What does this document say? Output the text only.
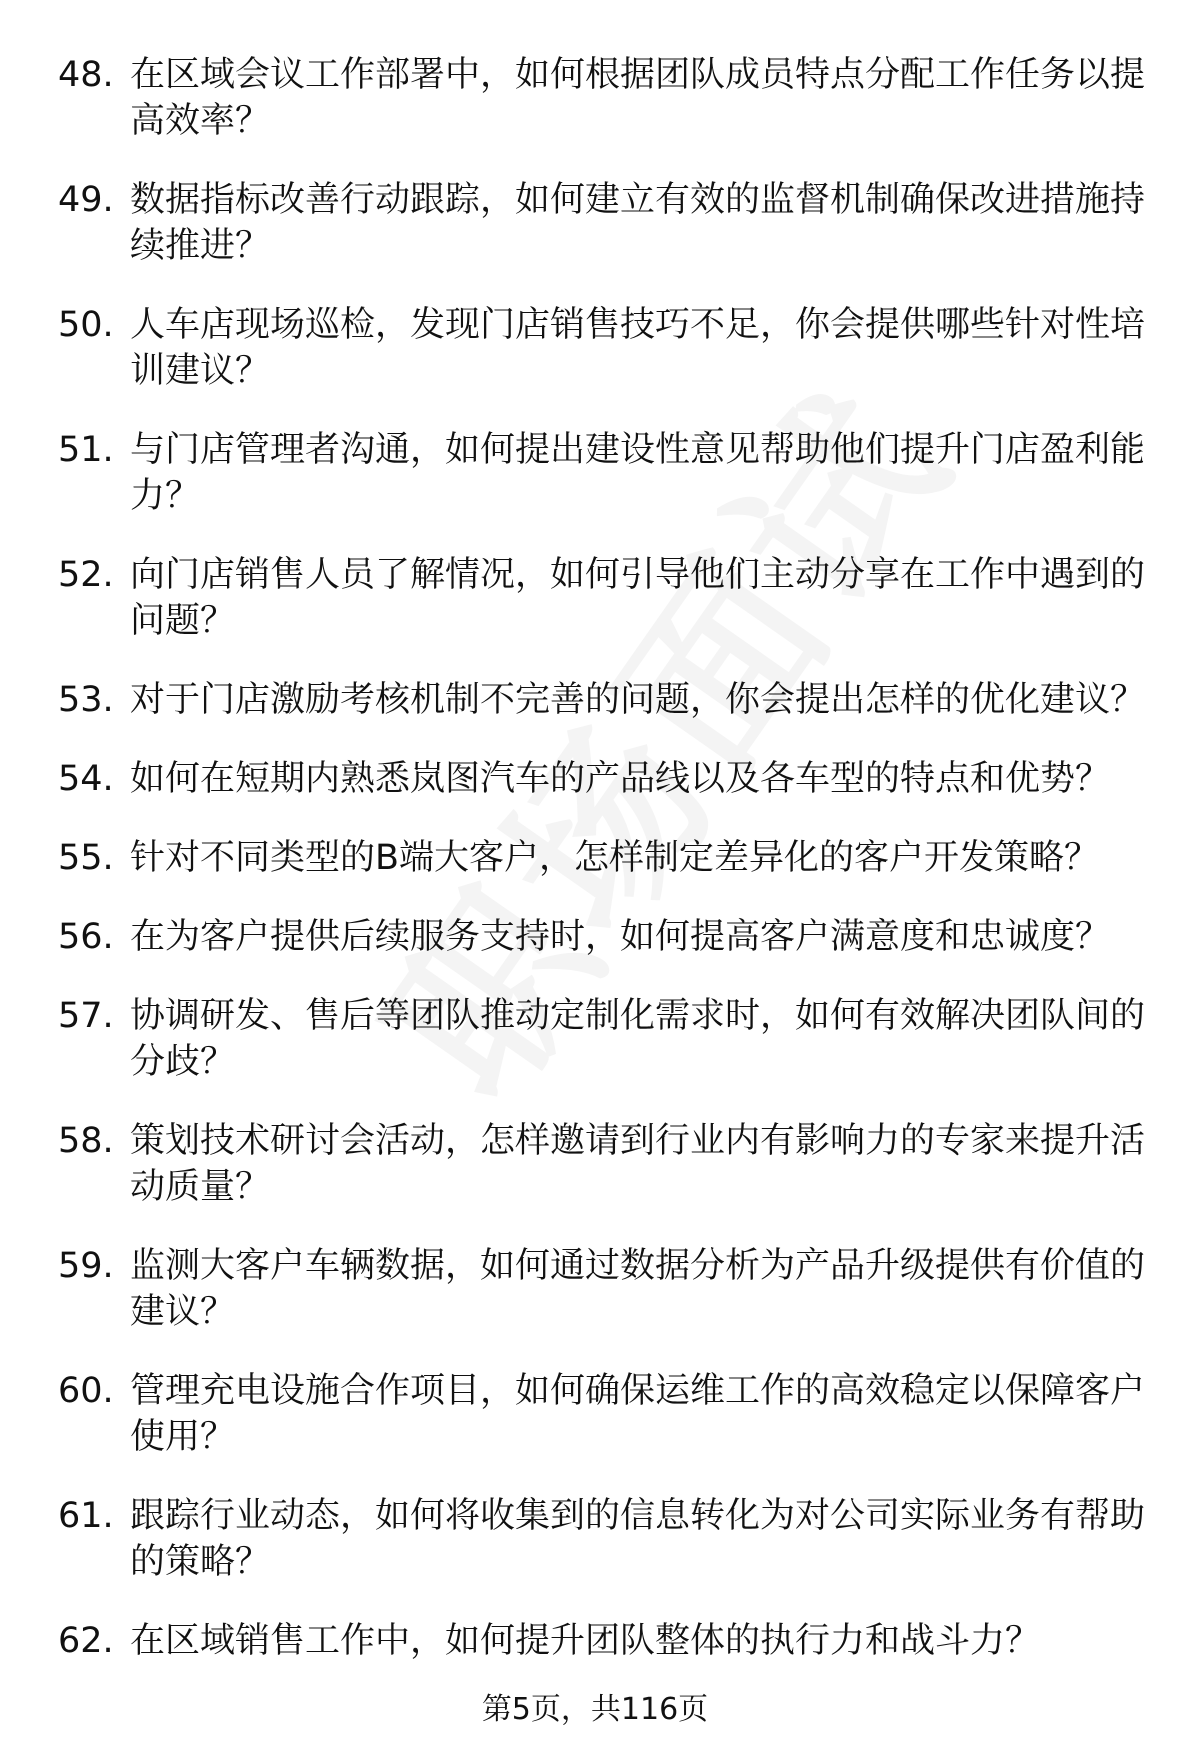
48. 在区域会议工作部署中，如何根据团队成员特点分配工作任务以提高效率？
49. 数据指标改善行动跟踪，如何建立有效的监督机制确保改进措施持续推进？
50. 人车店现场巡检，发现门店销售技巧不足，你会提供哪些针对性培训建议？
51. 与门店管理者沟通，如何提出建设性意见帮助他们提升门店盈利能力？
52. 向门店销售人员了解情况，如何引导他们主动分享在工作中遇到的问题？
53. 对于门店激励考核机制不完善的问题，你会提出怎样的优化建议？
54. 如何在短期内熟悉岚图汽车的产品线以及各车型的特点和优势？
55. 针对不同类型的B端大客户，怎样制定差异化的客户开发策略？
56. 在为客户提供后续服务支持时，如何提高客户满意度和忠诚度？
57. 协调研发、售后等团队推动定制化需求时，如何有效解决团队间的分歧？
58. 策划技术研讨会活动，怎样邀请到行业内有影响力的专家来提升活动质量？
59. 监测大客户车辆数据，如何通过数据分析为产品升级提供有价值的建议？
60. 管理充电设施合作项目，如何确保运维工作的高效稳定以保障客户使用？
61. 跟踪行业动态，如何将收集到的信息转化为对公司实际业务有帮助的策略？
62. 在区域销售工作中，如何提升团队整体的执行力和战斗力？
第5页，共116页
